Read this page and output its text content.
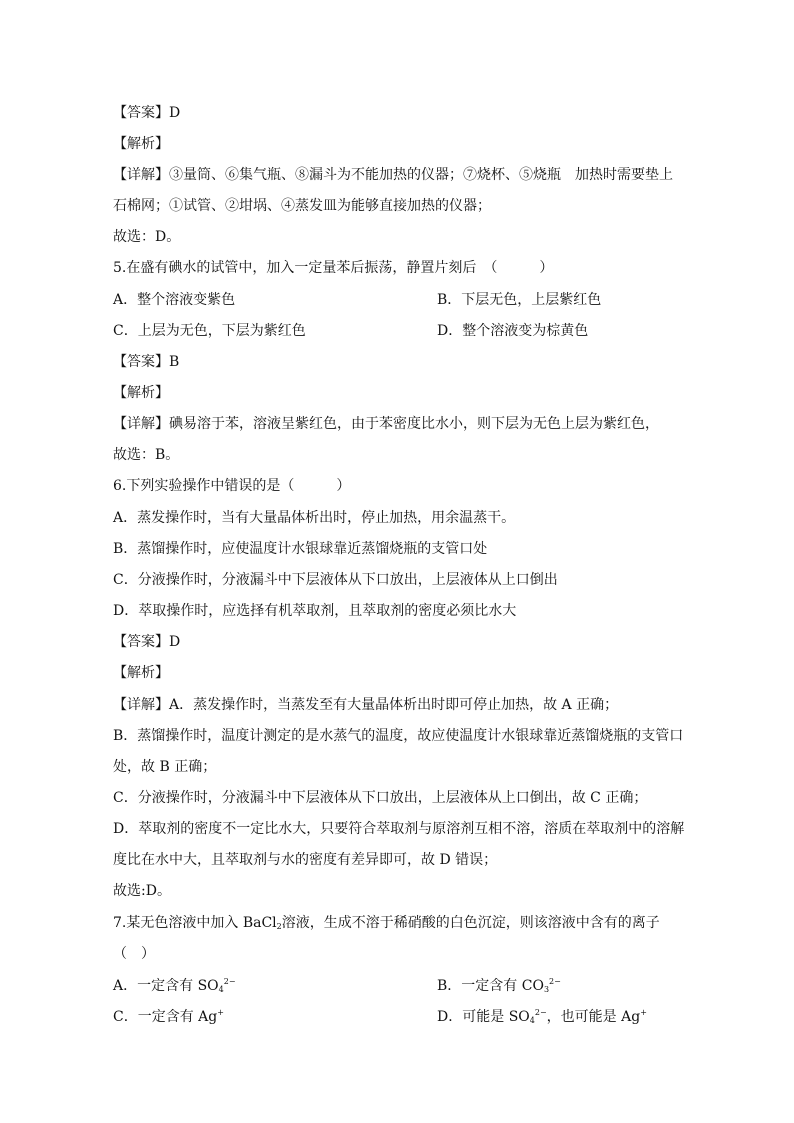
【答案】D
【解析】
【详解】③量筒、⑥集气瓶、⑧漏斗为不能加热的仪器；⑦烧杯、⑤烧瓶　加热时需要垫上
石棉网；①试管、②坩埚、④蒸发皿为能够直接加热的仪器；
故选：D。
5.在盛有碘水的试管中，加入一定量苯后振荡，静置片刻后　（　　　）
A．整个溶液变紫色	B．下层无色，上层紫红色
C．上层为无色，下层为紫红色	D．整个溶液变为棕黄色
【答案】B
【解析】
【详解】碘易溶于苯，溶液呈紫红色，由于苯密度比水小，则下层为无色上层为紫红色，
故选：B。
6.下列实验操作中错误的是（　　　）
A．蒸发操作时，当有大量晶体析出时，停止加热，用余温蒸干。
B．蒸馏操作时，应使温度计水银球靠近蒸馏烧瓶的支管口处
C．分液操作时，分液漏斗中下层液体从下口放出，上层液体从上口倒出
D．萃取操作时，应选择有机萃取剂，且萃取剂的密度必须比水大
【答案】D
【解析】
【详解】A．蒸发操作时，当蒸发至有大量晶体析出时即可停止加热，故 A 正确；
B．蒸馏操作时，温度计测定的是水蒸气的温度，故应使温度计水银球靠近蒸馏烧瓶的支管口
处，故 B 正确；
C．分液操作时，分液漏斗中下层液体从下口放出，上层液体从上口倒出，故 C 正确；
D．萃取剂的密度不一定比水大，只要符合萃取剂与原溶剂互相不溶，溶质在萃取剂中的溶解
度比在水中大，且萃取剂与水的密度有差异即可，故 D 错误；
故选:D。
7.某无色溶液中加入 BaCl$_2$溶液，生成不溶于稀硝酸的白色沉淀，则该溶液中含有的离子
（　）
A．一定含有 $SO_4^{2-}$	B．一定含有 $CO_3^{2-}$
C．一定含有 Ag+	D．可能是 $SO_4^{2-}$，也可能是 Ag+
